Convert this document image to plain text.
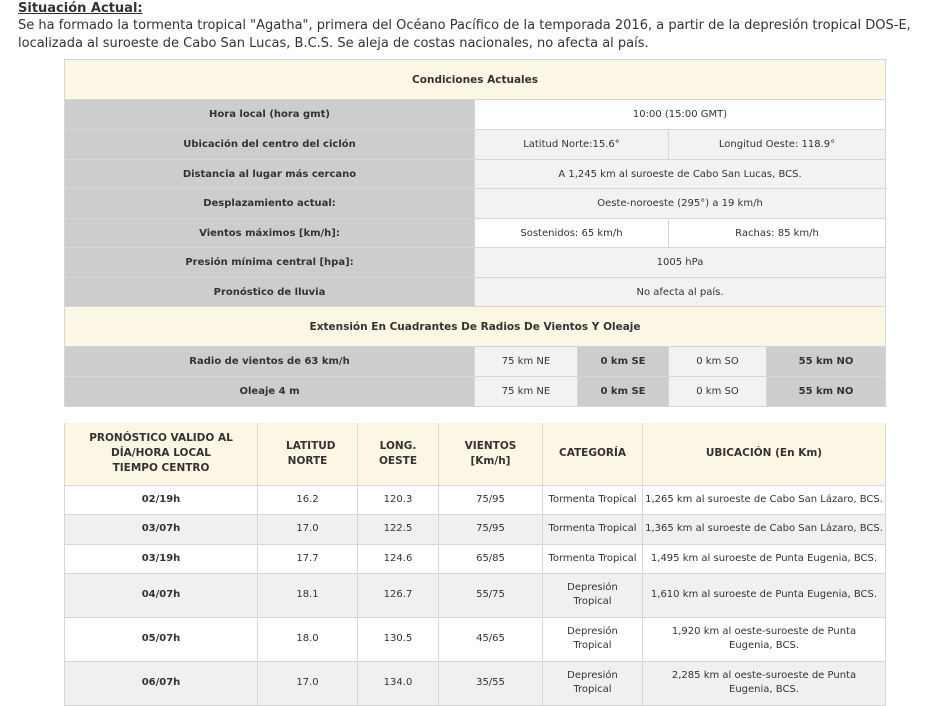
Situación Actual:
Se ha formado la tormenta tropical "Agatha", primera del Océano Pacífico de la temporada 2016, a partir de la depresión tropical DOS-E, localizada al suroeste de Cabo San Lucas, B.C.S. Se aleja de costas nacionales, no afecta al país.
Condiciones Actuales				
Hora local (hora gmt)	10:00 (15:00 GMT)			
Ubicación del centro del ciclón	Latitud Norte:15.6°		Longitud Oeste: 118.9°	
Distancia al lugar más cercano	A 1,245 km al suroeste de Cabo San Lucas, BCS.			
Desplazamiento actual:	Oeste-noroeste (295°) a 19 km/h			
Vientos máximos [km/h]:	Sostenidos: 65 km/h		Rachas: 85 km/h	
Presión mínima central [hpa]:	1005 hPa			
Pronóstico de lluvia	No afecta al país.			
Extensión En Cuadrantes De Radios De Vientos Y Oleaje				
Radio de vientos de 63 km/h	75 km NE	0 km SE	0 km SO	55 km NO
Oleaje 4 m	75 km NE	0 km SE	0 km SO	55 km NO
PRONÓSTICO VALIDO AL DÍA/HORA LOCAL TIEMPO CENTRO	LATITUD NORTE	LONG. OESTE	VIENTOS [Km/h]	CATEGORÍA	UBICACIÓN (En Km)
02/19h	16.2	120.3	75/95	Tormenta Tropical	1,265 km al suroeste de Cabo San Lázaro, BCS.
03/07h	17.0	122.5	75/95	Tormenta Tropical	1,365 km al suroeste de Cabo San Lázaro, BCS.
03/19h	17.7	124.6	65/85	Tormenta Tropical	1,495 km al suroeste de Punta Eugenia, BCS.
04/07h	18.1	126.7	55/75	Depresión Tropical	1,610 km al suroeste de Punta Eugenia, BCS.
05/07h	18.0	130.5	45/65	Depresión Tropical	1,920 km al oeste-suroeste de Punta Eugenia, BCS.
06/07h	17.0	134.0	35/55	Depresión Tropical	2,285 km al oeste-suroeste de Punta Eugenia, BCS.
